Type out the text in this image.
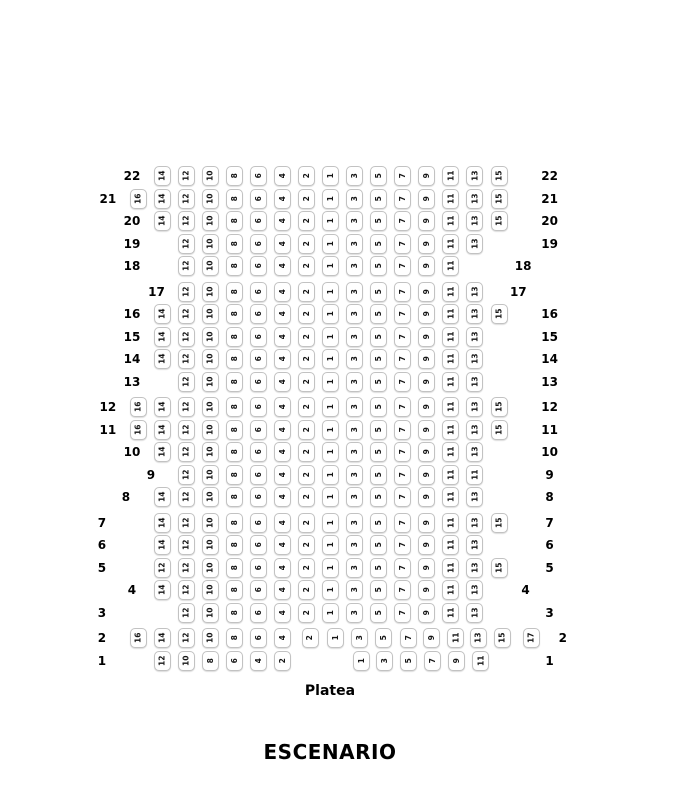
Platea
ESCENARIO
22	22
14 12 10 8 6 4 2 1 3 5 7 9 11 13 15
21	21
16 14 12 10 8 6 4 2 1 3 5 7 9 11 13 15
20	20
14 12 10 8 6 4 2 1 3 5 7 9 11 13 15
19	19
12 10 8 6 4 2 1 3 5 7 9 11 13
18	18
12 10 8 6 4 2 1 3 5 7 9 11
17	17
12 10 8 6 4 2 1 3 5 7 9 11 13
16	16
14 12 10 8 6 4 2 1 3 5 7 9 11 13 15
15	15
14 12 10 8 6 4 2 1 3 5 7 9 11 13
14	14
14 12 10 8 6 4 2 1 3 5 7 9 11 13
13	13
12 10 8 6 4 2 1 3 5 7 9 11 13
12	12
16 14 12 10 8 6 4 2 1 3 5 7 9 11 13 15
11	11
16 14 12 10 8 6 4 2 1 3 5 7 9 11 13 15
10	10
14 12 10 8 6 4 2 1 3 5 7 9 11 13
9	9
12 10 8 6 4 2 1 3 5 7 9 11 11
8	8
14 12 10 8 6 4 2 1 3 5 7 9 11 13
7	7
14 12 10 8 6 4 2 1 3 5 7 9 11 13 15
6	6
14 12 10 8 6 4 2 1 3 5 7 9 11 13
5	5
12 12 10 8 6 4 2 1 3 5 7 9 11 13 15
4	4
14 12 10 8 6 4 2 1 3 5 7 9 11 13
3	3
12 10 8 6 4 2 1 3 5 7 9 11 13
2	2
16 14 12 10 8 6 4 2 1 3 5 7 9 11 13 15	17
1	1
12 10 8 6 4 2	1 3 5 7 9 11
